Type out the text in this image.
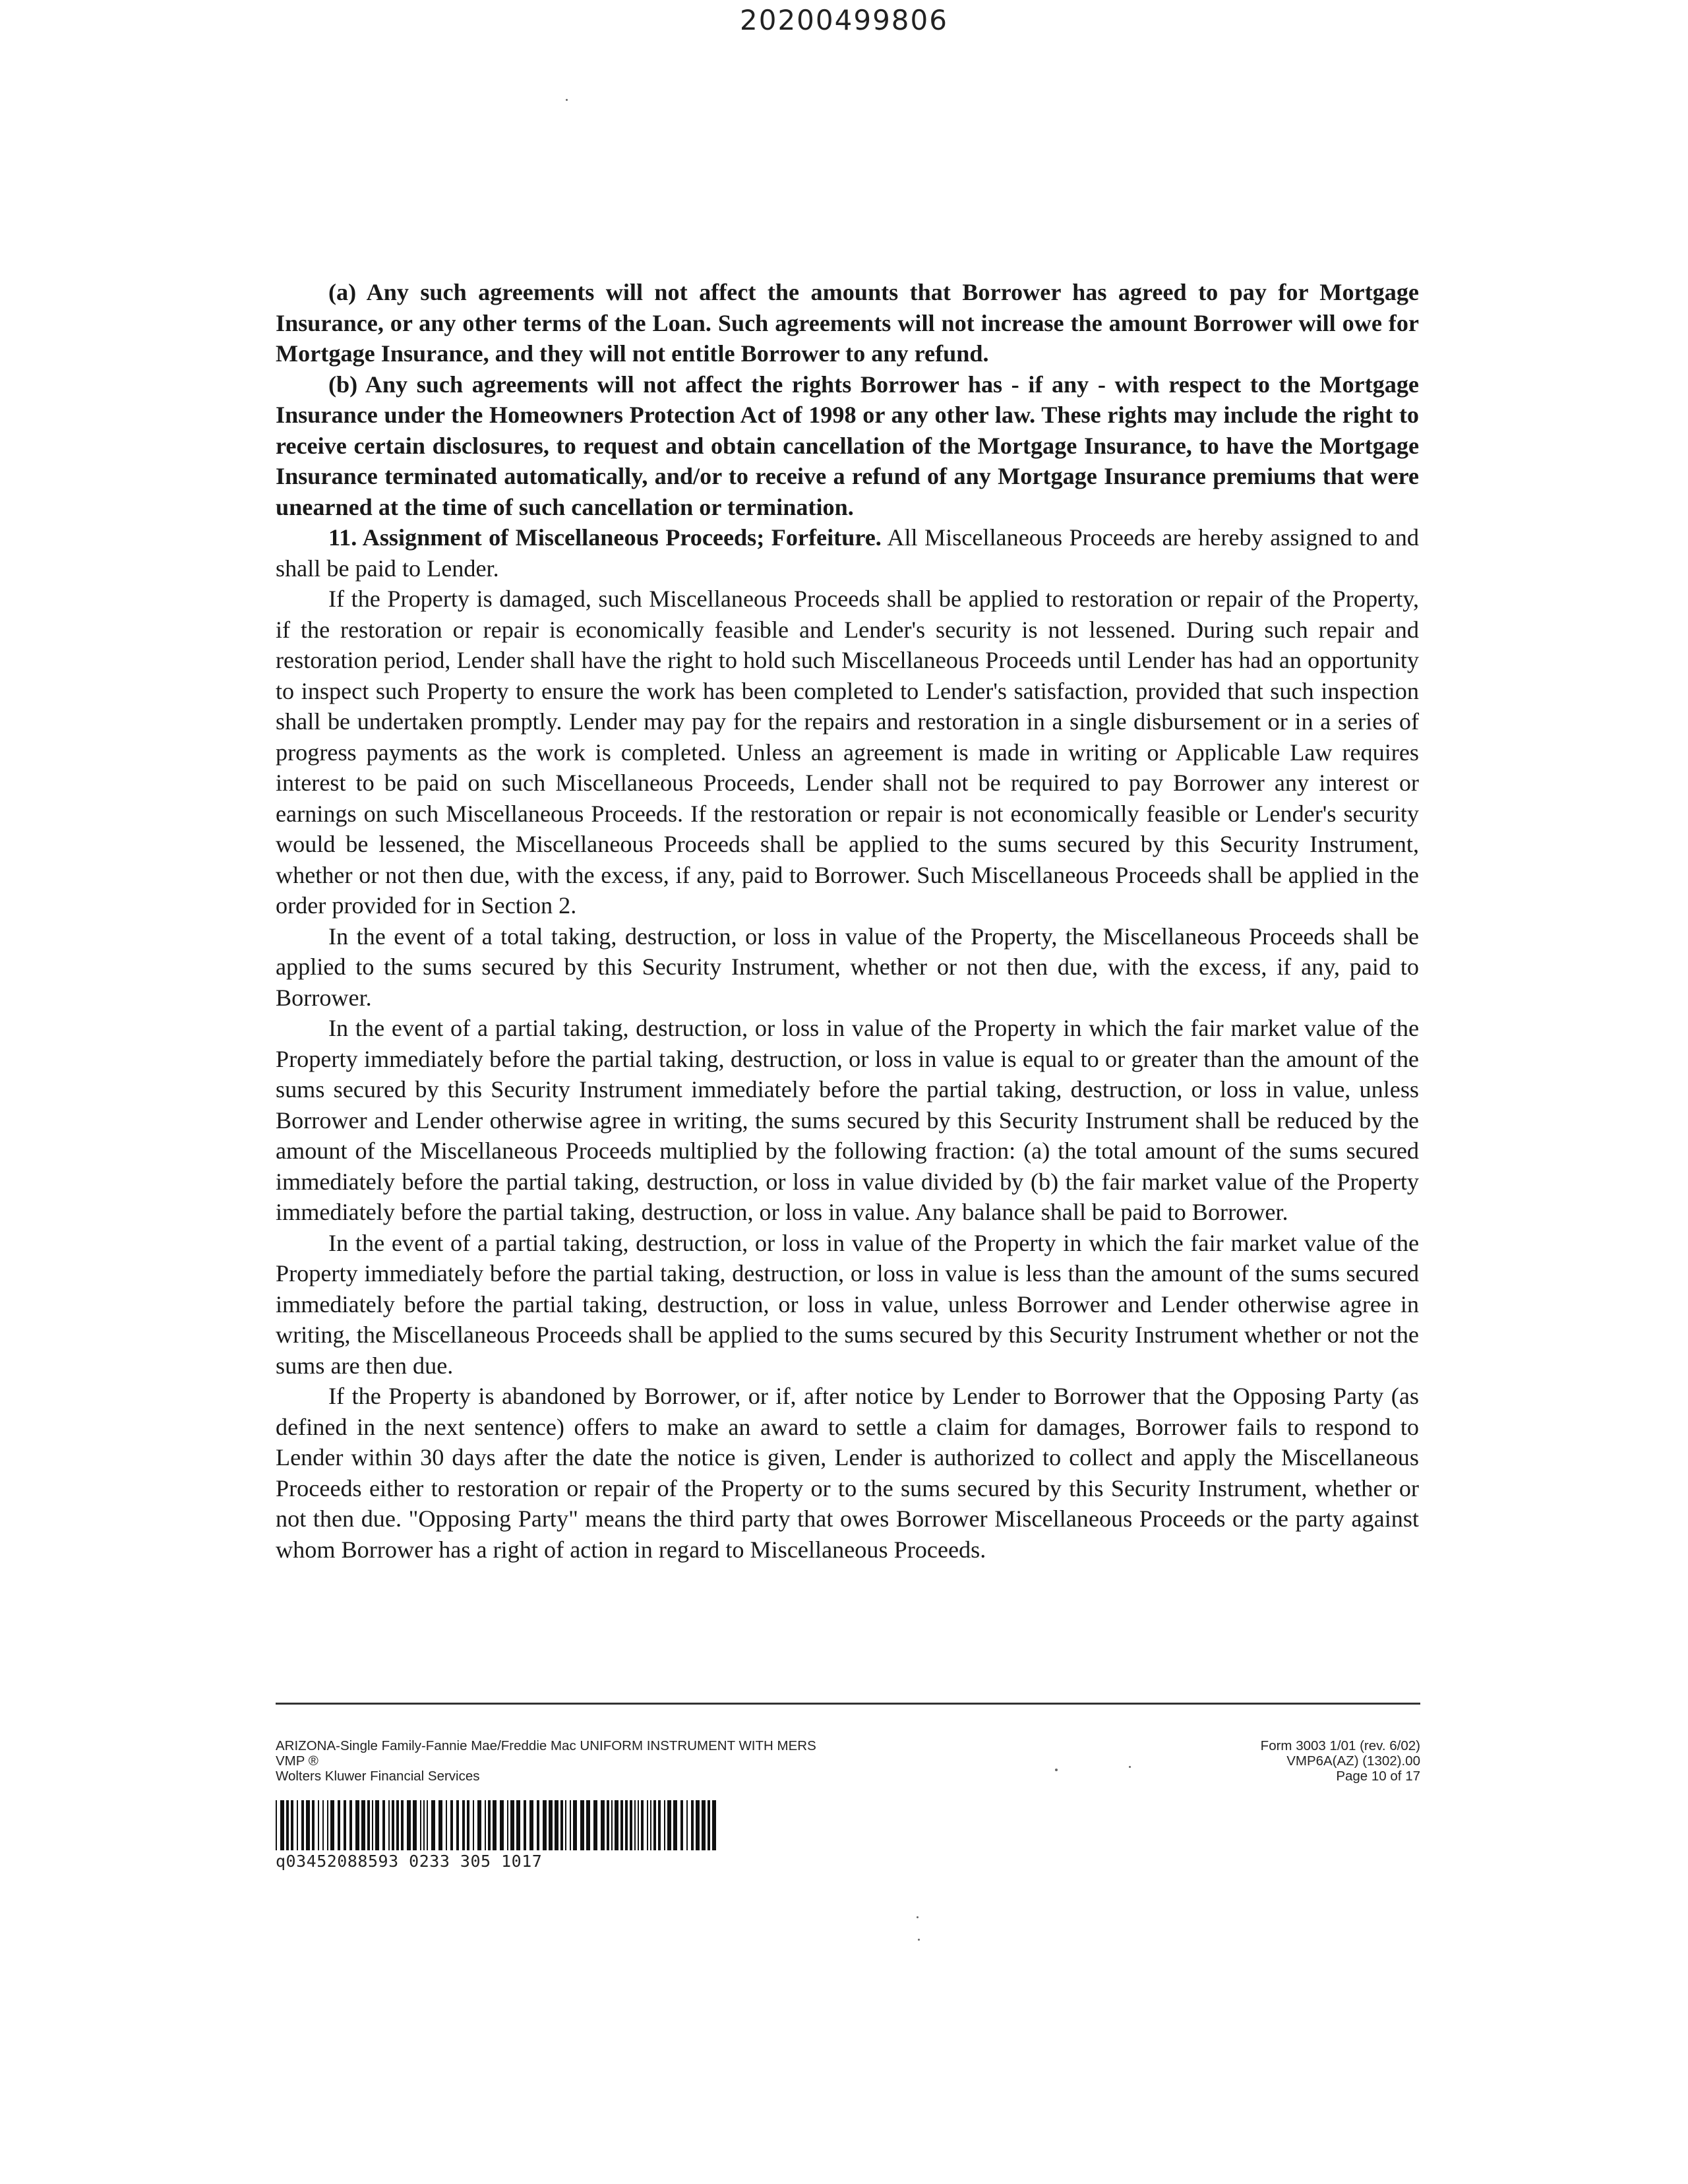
20200499806

(a) Any such agreements will not affect the amounts that Borrower has agreed to pay for Mortgage Insurance, or any other terms of the Loan. Such agreements will not increase the amount Borrower will owe for Mortgage Insurance, and they will not entitle Borrower to any refund.

(b) Any such agreements will not affect the rights Borrower has - if any - with respect to the Mortgage Insurance under the Homeowners Protection Act of 1998 or any other law. These rights may include the right to receive certain disclosures, to request and obtain cancellation of the Mortgage Insurance, to have the Mortgage Insurance terminated automatically, and/or to receive a refund of any Mortgage Insurance premiums that were unearned at the time of such cancellation or termination.

11. Assignment of Miscellaneous Proceeds; Forfeiture. All Miscellaneous Proceeds are hereby assigned to and shall be paid to Lender.

If the Property is damaged, such Miscellaneous Proceeds shall be applied to restoration or repair of the Property, if the restoration or repair is economically feasible and Lender's security is not lessened. During such repair and restoration period, Lender shall have the right to hold such Miscellaneous Proceeds until Lender has had an opportunity to inspect such Property to ensure the work has been completed to Lender's satisfaction, provided that such inspection shall be undertaken promptly. Lender may pay for the repairs and restoration in a single disbursement or in a series of progress payments as the work is completed. Unless an agreement is made in writing or Applicable Law requires interest to be paid on such Miscellaneous Proceeds, Lender shall not be required to pay Borrower any interest or earnings on such Miscellaneous Proceeds. If the restoration or repair is not economically feasible or Lender's security would be lessened, the Miscellaneous Proceeds shall be applied to the sums secured by this Security Instrument, whether or not then due, with the excess, if any, paid to Borrower. Such Miscellaneous Proceeds shall be applied in the order provided for in Section 2.

In the event of a total taking, destruction, or loss in value of the Property, the Miscellaneous Proceeds shall be applied to the sums secured by this Security Instrument, whether or not then due, with the excess, if any, paid to Borrower.

In the event of a partial taking, destruction, or loss in value of the Property in which the fair market value of the Property immediately before the partial taking, destruction, or loss in value is equal to or greater than the amount of the sums secured by this Security Instrument immediately before the partial taking, destruction, or loss in value, unless Borrower and Lender otherwise agree in writing, the sums secured by this Security Instrument shall be reduced by the amount of the Miscellaneous Proceeds multiplied by the following fraction: (a) the total amount of the sums secured immediately before the partial taking, destruction, or loss in value divided by (b) the fair market value of the Property immediately before the partial taking, destruction, or loss in value. Any balance shall be paid to Borrower.

In the event of a partial taking, destruction, or loss in value of the Property in which the fair market value of the Property immediately before the partial taking, destruction, or loss in value is less than the amount of the sums secured immediately before the partial taking, destruction, or loss in value, unless Borrower and Lender otherwise agree in writing, the Miscellaneous Proceeds shall be applied to the sums secured by this Security Instrument whether or not the sums are then due.

If the Property is abandoned by Borrower, or if, after notice by Lender to Borrower that the Opposing Party (as defined in the next sentence) offers to make an award to settle a claim for damages, Borrower fails to respond to Lender within 30 days after the date the notice is given, Lender is authorized to collect and apply the Miscellaneous Proceeds either to restoration or repair of the Property or to the sums secured by this Security Instrument, whether or not then due. "Opposing Party" means the third party that owes Borrower Miscellaneous Proceeds or the party against whom Borrower has a right of action in regard to Miscellaneous Proceeds.

ARIZONA-Single Family-Fannie Mae/Freddie Mac UNIFORM INSTRUMENT WITH MERS
VMP ®
Wolters Kluwer Financial Services
Form 3003 1/01 (rev. 6/02)
VMP6A(AZ) (1302).00
Page 10 of 17
q03452088593 0233 305 1017
